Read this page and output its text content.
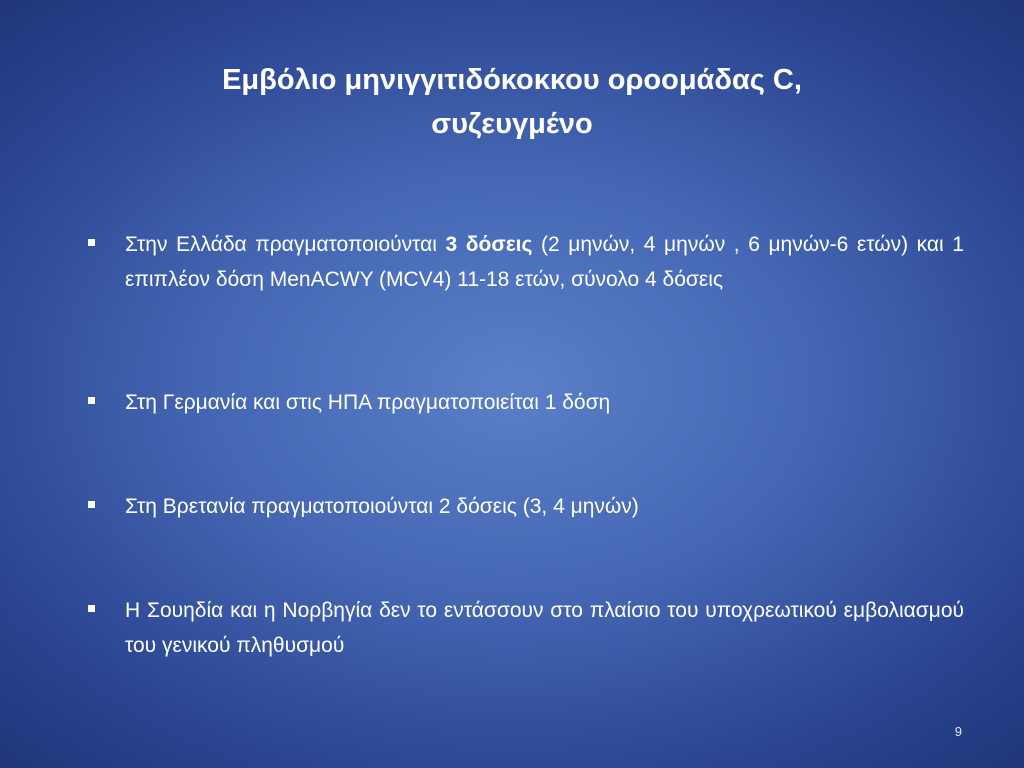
Εμβόλιο μηνιγγιτιδόκοκκου οροομάδας C,
συζευγμένο
Στην Ελλάδα πραγματοποιούνται 3 δόσεις (2 μηνών, 4 μηνών , 6 μηνών-6 ετών) και 1 επιπλέον δόση MenACWY (MCV4) 11-18 ετών, σύνολο 4 δόσεις
Στη Γερμανία και στις ΗΠΑ πραγματοποιείται 1 δόση
Στη Βρετανία πραγματοποιούνται 2 δόσεις (3, 4 μηνών)
Η Σουηδία και η Νορβηγία δεν το εντάσσουν στο πλαίσιο του υποχρεωτικού εμβολιασμού του γενικού πληθυσμού
9
